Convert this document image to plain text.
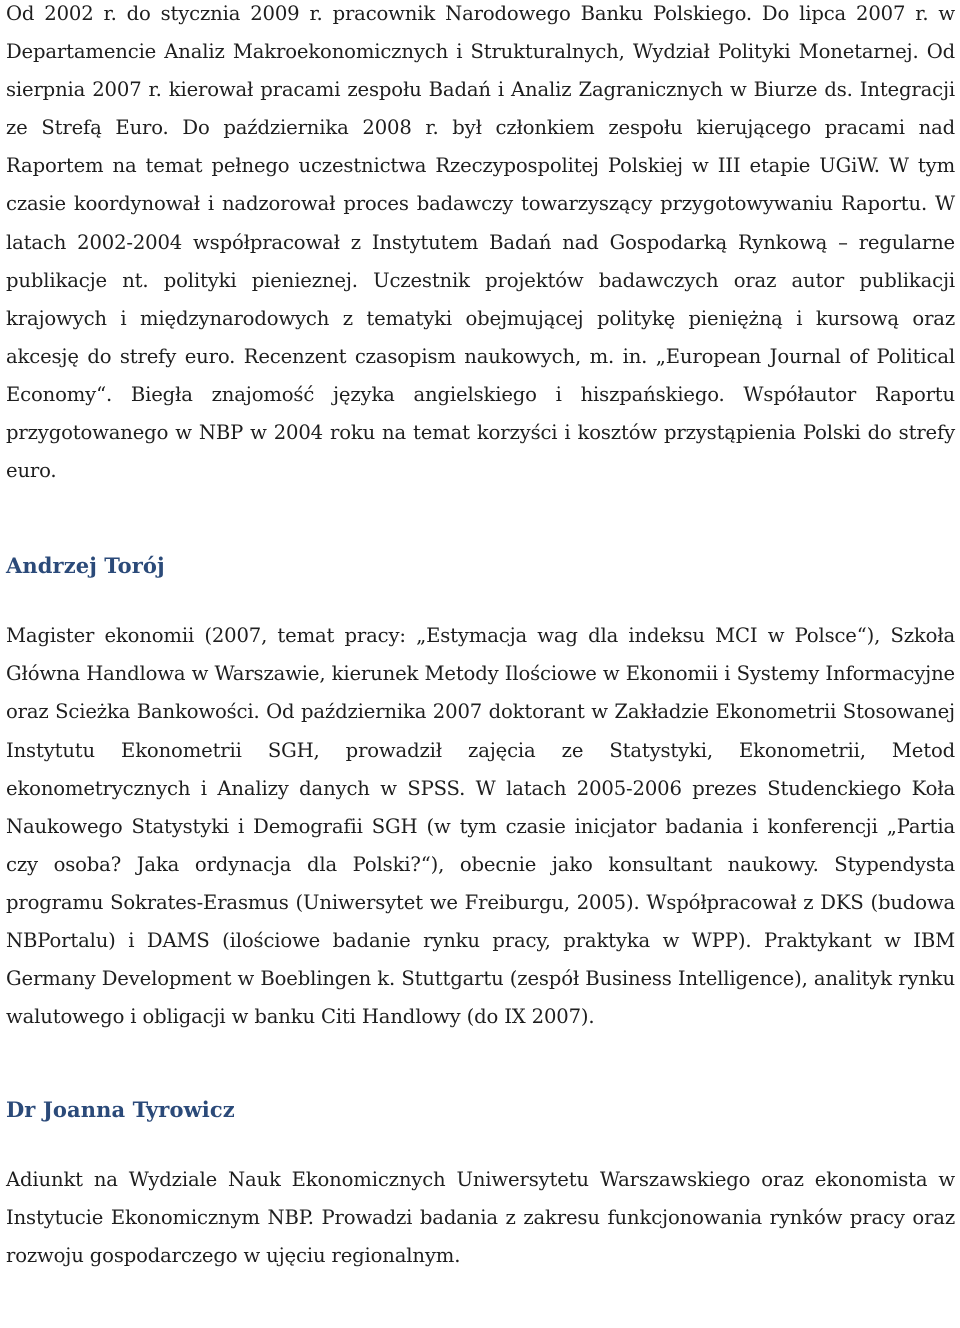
Od 2002 r. do stycznia 2009 r. pracownik Narodowego Banku Polskiego. Do lipca 2007 r. w Departamencie Analiz Makroekonomicznych i Strukturalnych, Wydział Polityki Monetarnej. Od sierpnia 2007 r. kierował pracami zespołu Badań i Analiz Zagranicznych w Biurze ds. Integracji ze Strefą Euro. Do października 2008 r. był członkiem zespołu kierującego pracami nad Raportem na temat pełnego uczestnictwa Rzeczypospolitej Polskiej w III etapie UGiW. W tym czasie koordynował i nadzorował proces badawczy towarzyszący przygotowywaniu Raportu. W latach 2002-2004 współpracował z Instytutem Badań nad Gospodarką Rynkową – regularne publikacje nt. polityki pienieznej. Uczestnik projektów badawczych oraz autor publikacji krajowych i międzynarodowych z tematyki obejmującej politykę pieniężną i kursową oraz akcesję do strefy euro. Recenzent czasopism naukowych, m. in. „European Journal of Political Economy“. Biegła znajomość języka angielskiego i hiszpańskiego. Współautor Raportu przygotowanego w NBP w 2004 roku na temat korzyści i kosztów przystąpienia Polski do strefy euro.

Andrzej Torój

Magister ekonomii (2007, temat pracy: „Estymacja wag dla indeksu MCI w Polsce“), Szkoła Główna Handlowa w Warszawie, kierunek Metody Ilościowe w Ekonomii i Systemy Informacyjne oraz Scieżka Bankowości. Od października 2007 doktorant w Zakładzie Ekonometrii Stosowanej Instytutu Ekonometrii SGH, prowadził zajęcia ze Statystyki, Ekonometrii, Metod ekonometrycznych i Analizy danych w SPSS. W latach 2005-2006 prezes Studenckiego Koła Naukowego Statystyki i Demografii SGH (w tym czasie inicjator badania i konferencji „Partia czy osoba? Jaka ordynacja dla Polski?“), obecnie jako konsultant naukowy. Stypendysta programu Sokrates-Erasmus (Uniwersytet we Freiburgu, 2005). Współpracował z DKS (budowa NBPortalu) i DAMS (ilościowe badanie rynku pracy, praktyka w WPP). Praktykant w IBM Germany Development w Boeblingen k. Stuttgartu (zespół Business Intelligence), analityk rynku walutowego i obligacji w banku Citi Handlowy (do IX 2007).

Dr Joanna Tyrowicz

Adiunkt na Wydziale Nauk Ekonomicznych Uniwersytetu Warszawskiego oraz ekonomista w Instytucie Ekonomicznym NBP. Prowadzi badania z zakresu funkcjonowania rynków pracy oraz rozwoju gospodarczego w ujęciu regionalnym.
